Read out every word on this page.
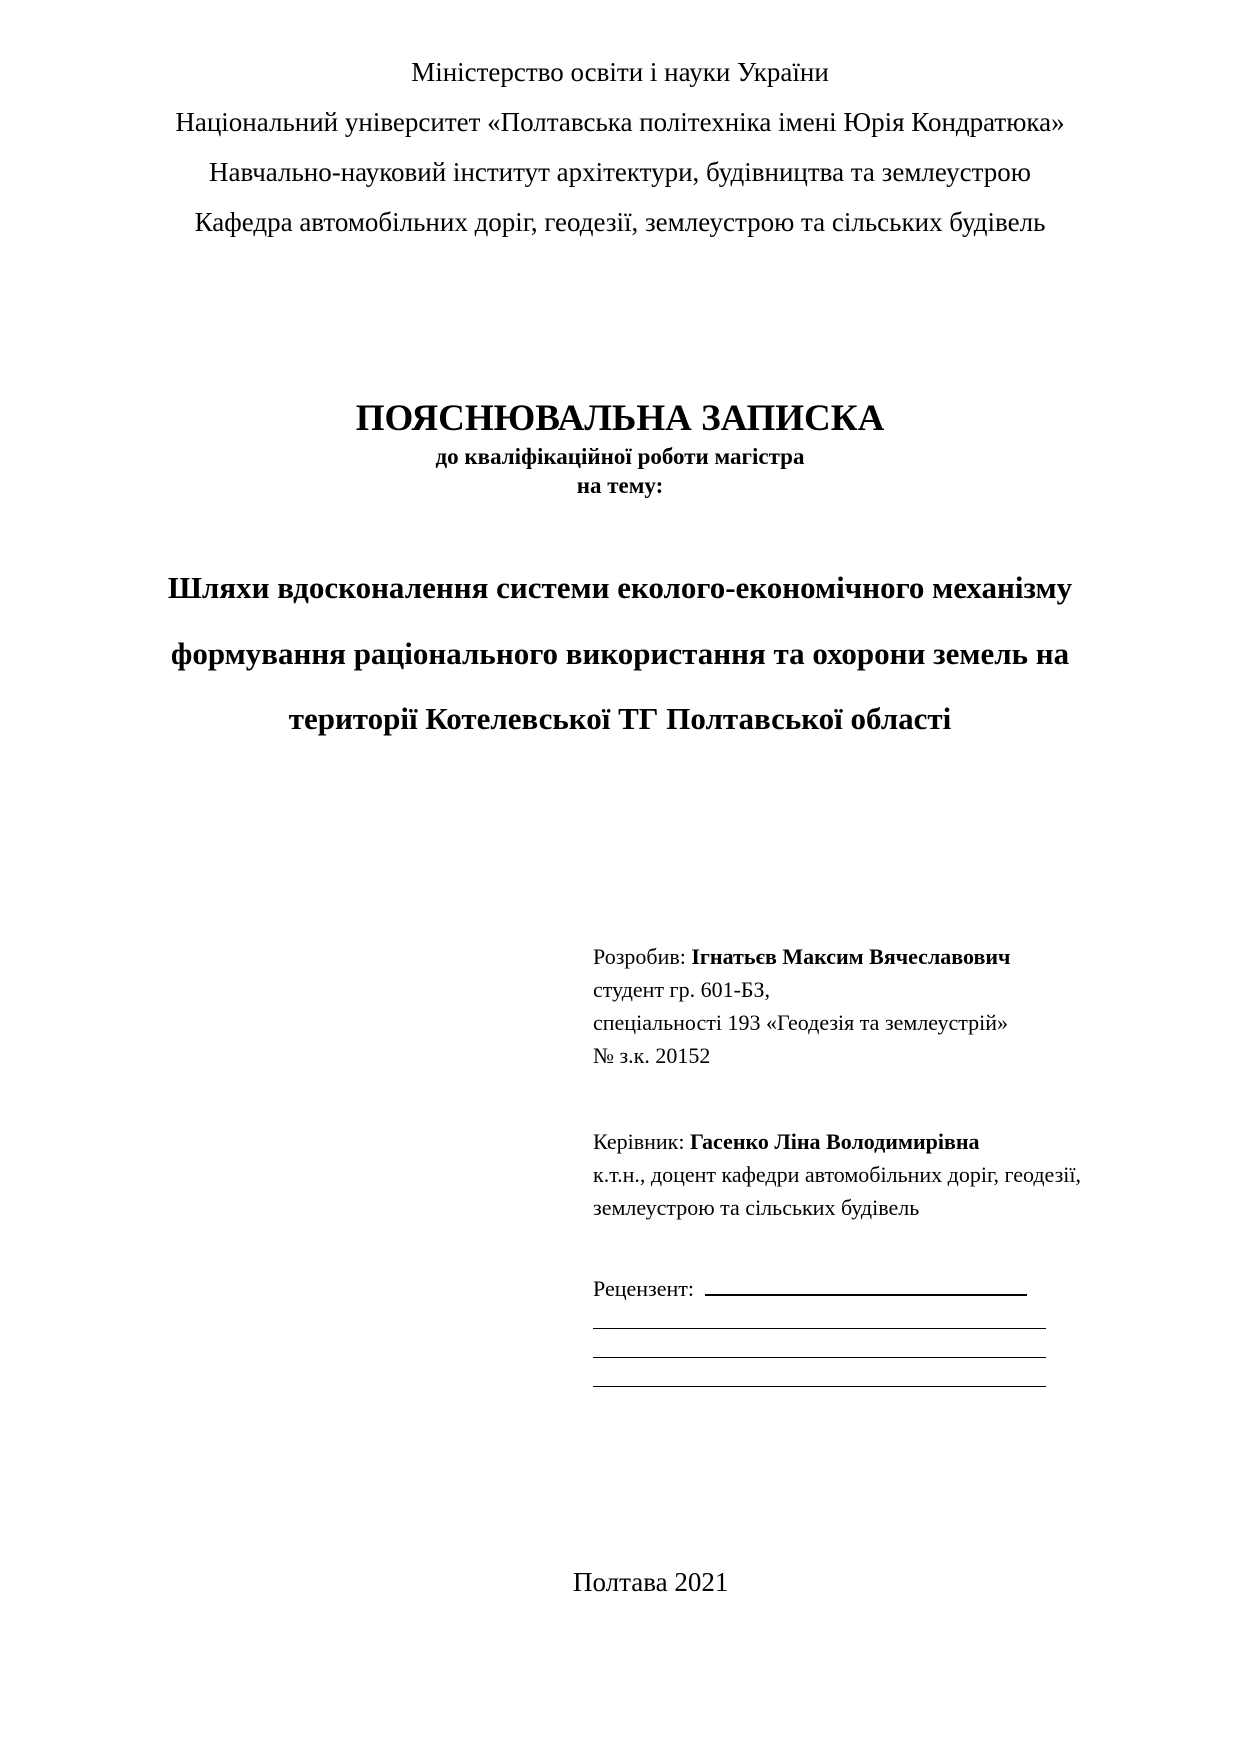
Міністерство освіти і науки України
Національний університет «Полтавська політехніка імені Юрія Кондратюка»
Навчально-науковий інститут архітектури, будівництва та землеустрою
Кафедра автомобільних доріг, геодезії, землеустрою та сільських будівель
ПОЯСНЮВАЛЬНА ЗАПИСКА
до кваліфікаційної роботи магістра
на тему:
Шляхи вдосконалення системи еколого-економічного механізму
формування раціонального використання та охорони земель на
території Котелевської ТГ Полтавської області
Розробив: Ігнатьєв Максим Вячеславович
студент гр. 601-БЗ,
спеціальності 193 «Геодезія та землеустрій»
№ з.к. 20152
Керівник: Гасенко Ліна Володимирівна
к.т.н., доцент кафедри автомобільних доріг, геодезії,
землеустрою та сільських будівель
Рецензент:
Полтава 2021
